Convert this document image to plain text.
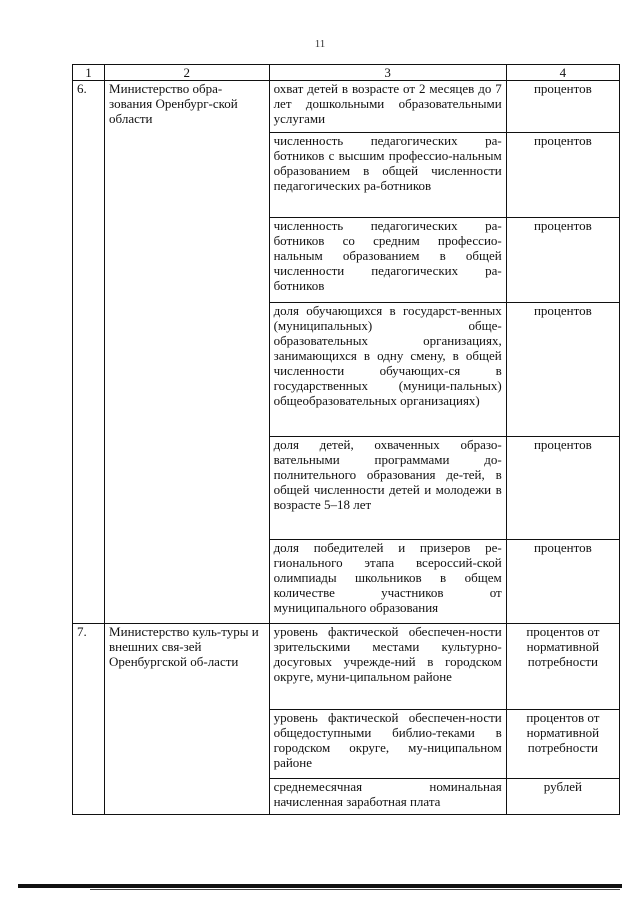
11
1	2	3	4
6.	Министерство обра-зования Оренбург-ской области	охват детей в возрасте от 2 месяцев до 7 лет дошкольными образовательными услугами	процентов
		численность педагогических ра-ботников с высшим профессио-нальным образованием в общей численности педагогических ра-ботников	процентов
		численность педагогических ра-ботников со средним профессио-нальным образованием в общей численности педагогических ра-ботников	процентов
		доля обучающихся в государст-венных (муниципальных) обще-образовательных организациях, занимающихся в одну смену, в общей численности обучающих-ся в государственных (муници-пальных) общеобразовательных организациях)	процентов
		доля детей, охваченных образо-вательными программами до-полнительного образования де-тей, в общей численности детей и молодежи в возрасте 5–18 лет	процентов
		доля победителей и призеров ре-гионального этапа всероссий-ской олимпиады школьников в общем количестве участников от муниципального образования	процентов
7.	Министерство куль-туры и внешних свя-зей Оренбургской об-ласти	уровень фактической обеспечен-ности зрительскими местами культурно-досуговых учрежде-ний в городском округе, муни-ципальном районе	процентов от нормативной потребности
		уровень фактической обеспечен-ности общедоступными библио-теками в городском округе, му-ниципальном районе	процентов от нормативной потребности
		среднемесячная номинальная начисленная заработная плата	рублей
